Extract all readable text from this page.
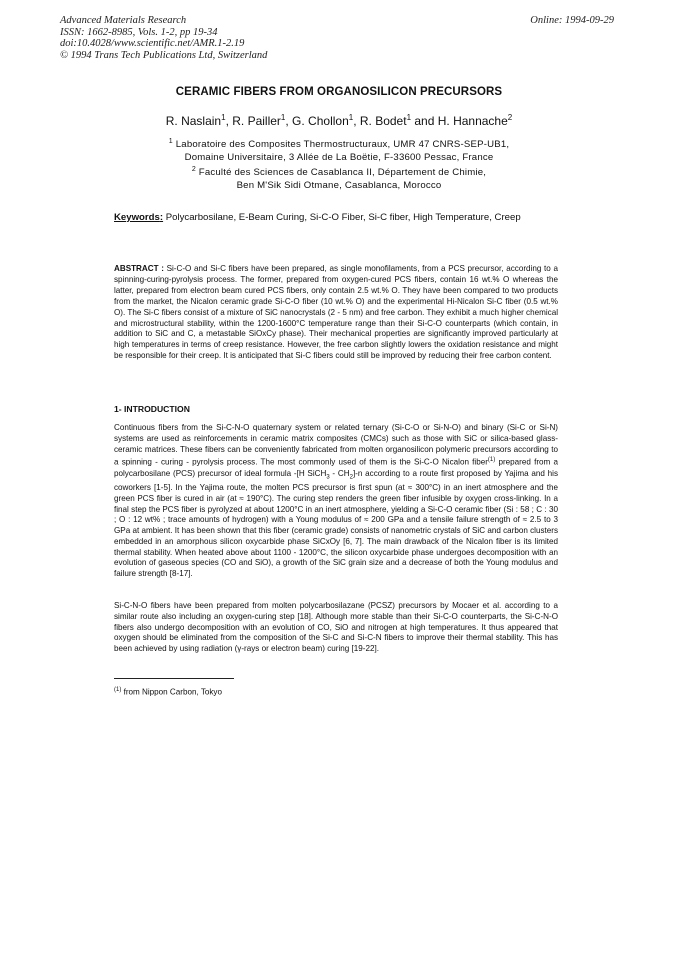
Advanced Materials Research
ISSN: 1662-8985, Vols. 1-2, pp 19-34
doi:10.4028/www.scientific.net/AMR.1-2.19
© 1994 Trans Tech Publications Ltd, Switzerland
Online: 1994-09-29
CERAMIC FIBERS FROM ORGANOSILICON PRECURSORS
R. Naslain$^1$, R. Pailler$^1$, G. Chollon$^1$, R. Bodet$^1$ and H. Hannache$^2$
$^1$ Laboratoire des Composites Thermostructuraux, UMR 47 CNRS-SEP-UB1,
Domaine Universitaire, 3 Allée de La Boëtie, F-33600 Pessac, France
$^2$ Faculté des Sciences de Casablanca II, Département de Chimie,
Ben M'Sik Sidi Otmane, Casablanca, Morocco
Keywords: Polycarbosilane, E-Beam Curing, Si-C-O Fiber, Si-C fiber, High Temperature, Creep
ABSTRACT : Si-C-O and Si-C fibers have been prepared, as single monofilaments, from a PCS precursor, according to a spinning-curing-pyrolysis process. The former, prepared from oxygen-cured PCS fibers, contain 16 wt.% O whereas the latter, prepared from electron beam cured PCS fibers, only contain 2.5 wt.% O. They have been compared to two products from the market, the Nicalon ceramic grade Si-C-O fiber (10 wt.% O) and the experimental Hi-Nicalon Si-C fiber (0.5 wt.% O). The Si-C fibers consist of a mixture of SiC nanocrystals (2 - 5 nm) and free carbon. They exhibit a much higher chemical and microstructural stability, within the 1200-1600°C temperature range than their Si-C-O counterparts (which contain, in addition to SiC and C, a metastable SiOxCy phase). Their mechanical properties are significantly improved particularly at high temperatures in terms of creep resistance. However, the free carbon slightly lowers the oxidation resistance and might be responsible for their creep. It is anticipated that Si-C fibers could still be improved by reducing their free carbon content.
1- INTRODUCTION
Continuous fibers from the Si-C-N-O quaternary system or related ternary (Si-C-O or Si-N-O) and binary (Si-C or Si-N) systems are used as reinforcements in ceramic matrix composites (CMCs) such as those with SiC or silica-based glass-ceramic matrices. These fibers can be conveniently fabricated from molten organosilicon polymeric precursors according to a spinning - curing - pyrolysis process. The most commonly used of them is the Si-C-O Nicalon fiber$^{(1)}$ prepared from a polycarbosilane (PCS) precursor of ideal formula -[H SiCH$_3$ - $CH_2]-n$ according to a route first proposed by Yajima and his coworkers [1-5]. In the Yajima route, the molten PCS precursor is first spun (at ≈ 300°C) in an inert atmosphere and the green PCS fiber is cured in air (at ≈ 190°C). The curing step renders the green fiber infusible by oxygen cross-linking. In a final step the PCS fiber is pyrolyzed at about 1200°C in an inert atmosphere, yielding a Si-C-O ceramic fiber (Si : 58 ; C : 30 ; O : 12 wt% ; trace amounts of hydrogen) with a Young modulus of ≈ 200 GPa and a tensile failure strength of ≈ 2.5 to 3 GPa at ambient. It has been shown that this fiber (ceramic grade) consists of nanometric crystals of SiC and carbon clusters embedded in an amorphous silicon oxycarbide phase SiCxOy [6, 7]. The main drawback of the Nicalon fiber is its limited thermal stability. When heated above about 1100 - 1200°C, the silicon oxycarbide phase undergoes decomposition with an evolution of gaseous species (CO and SiO), a growth of the SiC grain size and a decrease of both the Young modulus and failure strength [8-17].
Si-C-N-O fibers have been prepared from molten polycarbosilazane (PCSZ) precursors by Mocaer et al. according to a similar route also including an oxygen-curing step [18]. Although more stable than their Si-C-O counterparts, the Si-C-N-O fibers also undergo decomposition with an evolution of CO, SiO and nitrogen at high temperatures. It thus appeared that oxygen should be eliminated from the composition of the Si-C and Si-C-N fibers to improve their thermal stability. This has been achieved by using radiation (γ-rays or electron beam) curing [19-22].
$^{(1)}$ from Nippon Carbon, Tokyo
